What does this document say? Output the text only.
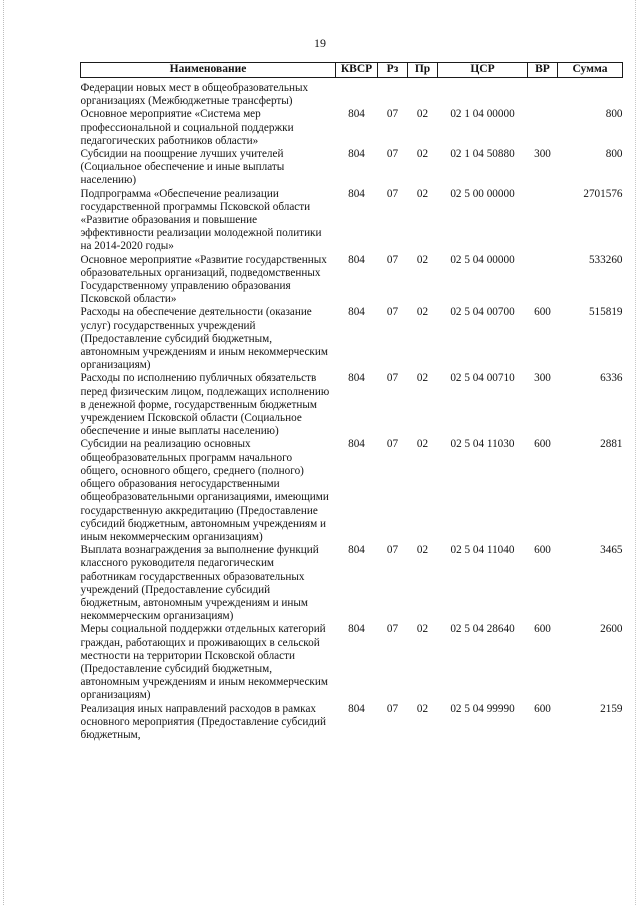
19
Наименование	КВСР	Рз	Пр	ЦСР	ВР	Сумма

Федерации новых мест в общеобразовательных организациях (Межбюджетные трансферты)						
Основное мероприятие «Система мер профессиональной и социальной поддержки педагогических работников области»	804	07	02	02 1 04 00000		800
Субсидии на поощрение лучших учителей (Социальное обеспечение и иные выплаты населению)	804	07	02	02 1 04 50880	300	800
Подпрограмма «Обеспечение реализации государственной программы Псковской области «Развитие образования и повышение эффективности реализации молодежной политики на 2014-2020 годы»	804	07	02	02 5 00 00000		2701576
Основное мероприятие «Развитие государственных образовательных организаций, подведомственных Государственному управлению образования Псковской области»	804	07	02	02 5 04 00000		533260
Расходы на обеспечение деятельности (оказание услуг) государственных учреждений (Предоставление субсидий бюджетным, автономным учреждениям и иным некоммерческим организациям)	804	07	02	02 5 04 00700	600	515819
Расходы по исполнению публичных обязательств перед физическим лицом, подлежащих исполнению в денежной форме, государственным бюджетным учреждением Псковской области (Социальное обеспечение и иные выплаты населению)	804	07	02	02 5 04 00710	300	6336
Субсидии на реализацию основных общеобразовательных программ начального общего, основного общего, среднего (полного) общего образования негосударственными общеобразовательными организациями, имеющими государственную аккредитацию (Предоставление субсидий бюджетным, автономным учреждениям и иным некоммерческим организациям)	804	07	02	02 5 04 11030	600	2881
Выплата вознаграждения за выполнение функций классного руководителя педагогическим работникам государственных образовательных учреждений (Предоставление субсидий бюджетным, автономным учреждениям и иным некоммерческим организациям)	804	07	02	02 5 04 11040	600	3465
Меры социальной поддержки отдельных категорий граждан, работающих и проживающих в сельской местности на территории Псковской области (Предоставление субсидий бюджетным, автономным учреждениям и иным некоммерческим организациям)	804	07	02	02 5 04 28640	600	2600
Реализация иных направлений расходов в рамках основного мероприятия (Предоставление субсидий бюджетным,	804	07	02	02 5 04 99990	600	2159
